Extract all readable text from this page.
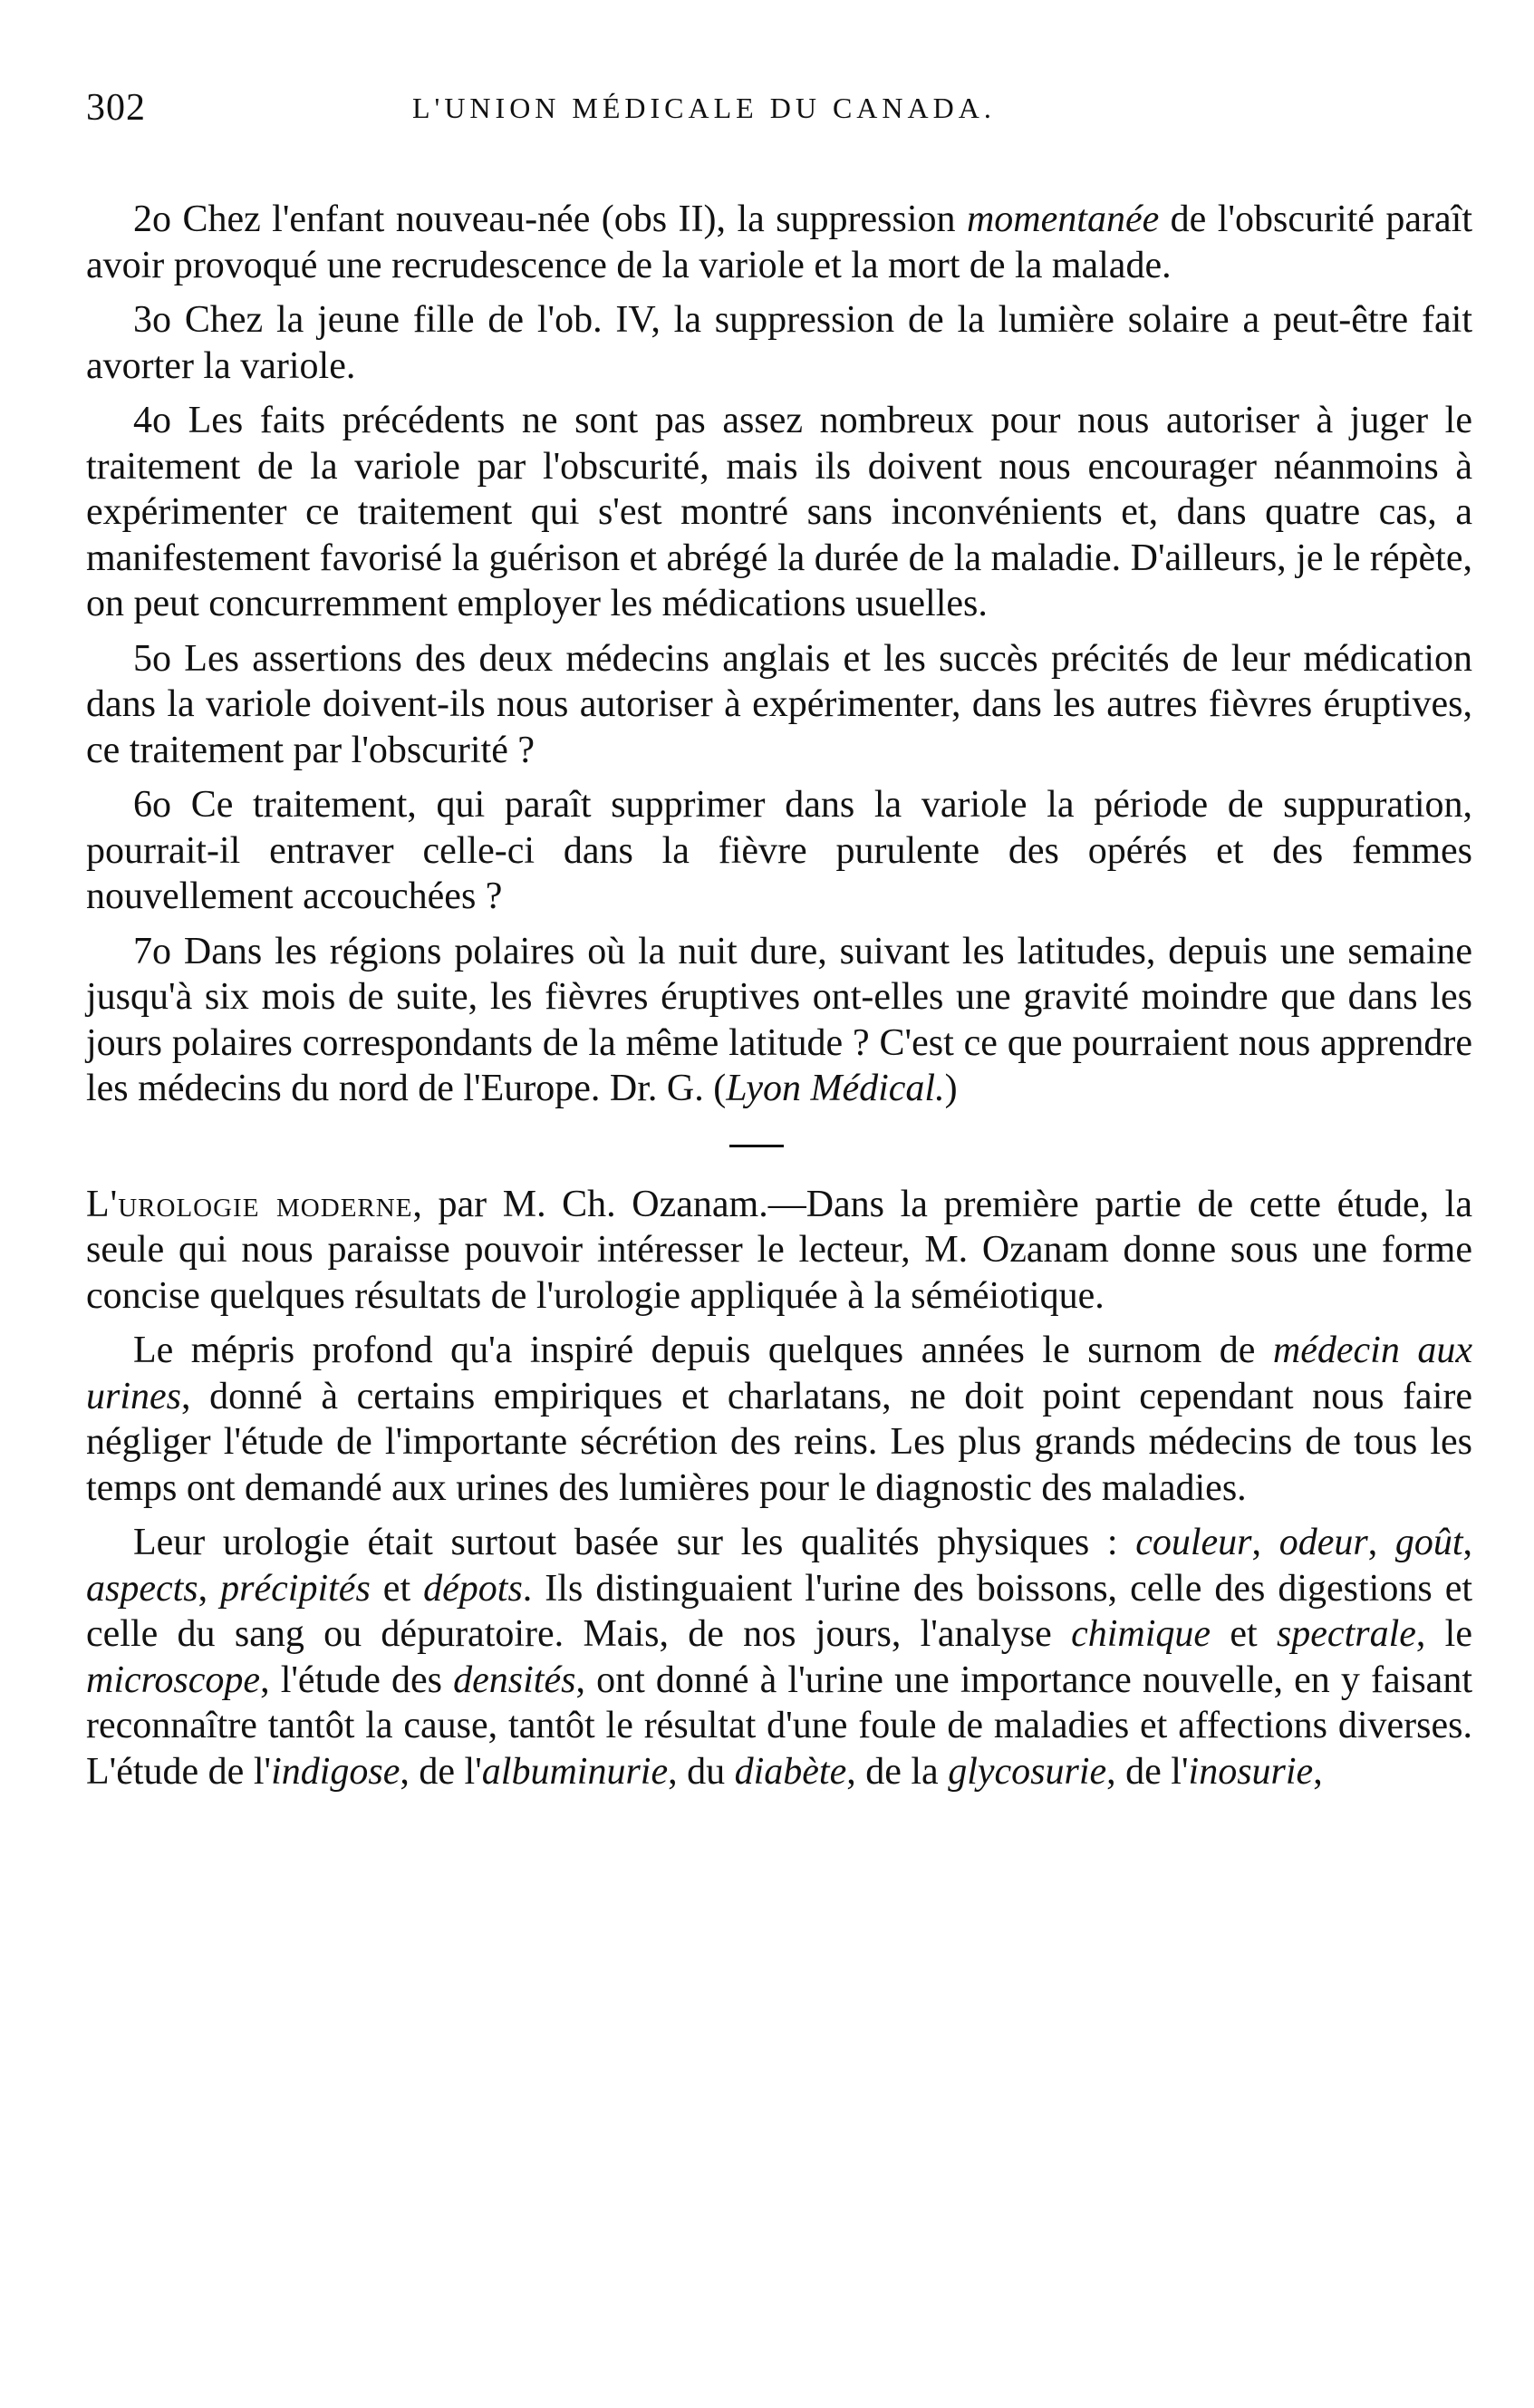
302	L'UNION MÉDICALE DU CANADA.

2o Chez l'enfant nouveau-née (obs II), la suppression momentanée de l'obscurité paraît avoir provoqué une recrudescence de la variole et la mort de la malade.

3o Chez la jeune fille de l'ob. IV, la suppression de la lumière solaire a peut-être fait avorter la variole.

4o Les faits précédents ne sont pas assez nombreux pour nous autoriser à juger le traitement de la variole par l'obscurité, mais ils doivent nous encourager néanmoins à expérimenter ce traitement qui s'est montré sans inconvénients et, dans quatre cas, a manifestement favorisé la guérison et abrégé la durée de la maladie. D'ailleurs, je le répète, on peut concurremment employer les médications usuelles.

5o Les assertions des deux médecins anglais et les succès précités de leur médication dans la variole doivent-ils nous autoriser à expérimenter, dans les autres fièvres éruptives, ce traitement par l'obscurité ?

6o Ce traitement, qui paraît supprimer dans la variole la période de suppuration, pourrait-il entraver celle-ci dans la fièvre purulente des opérés et des femmes nouvellement accouchées ?

7o Dans les régions polaires où la nuit dure, suivant les latitudes, depuis une semaine jusqu'à six mois de suite, les fièvres éruptives ont-elles une gravité moindre que dans les jours polaires correspondants de la même latitude ? C'est ce que pourraient nous apprendre les médecins du nord de l'Europe. Dr. G. (Lyon Médical.)

L'urologie moderne, par M. Ch. Ozanam.—Dans la première partie de cette étude, la seule qui nous paraisse pouvoir intéresser le lecteur, M. Ozanam donne sous une forme concise quelques résultats de l'urologie appliquée à la séméiotique.

Le mépris profond qu'a inspiré depuis quelques années le surnom de médecin aux urines, donné à certains empiriques et charlatans, ne doit point cependant nous faire négliger l'étude de l'importante sécrétion des reins. Les plus grands médecins de tous les temps ont demandé aux urines des lumières pour le diagnostic des maladies.

Leur urologie était surtout basée sur les qualités physiques : couleur, odeur, goût, aspects, précipités et dépots. Ils distinguaient l'urine des boissons, celle des digestions et celle du sang ou dépuratoire. Mais, de nos jours, l'analyse chimique et spectrale, le microscope, l'étude des densités, ont donné à l'urine une importance nouvelle, en y faisant reconnaître tantôt la cause, tantôt le résultat d'une foule de maladies et affections diverses. L'étude de l'indigose, de l'albuminurie, du diabète, de la glycosurie, de l'inosurie,
